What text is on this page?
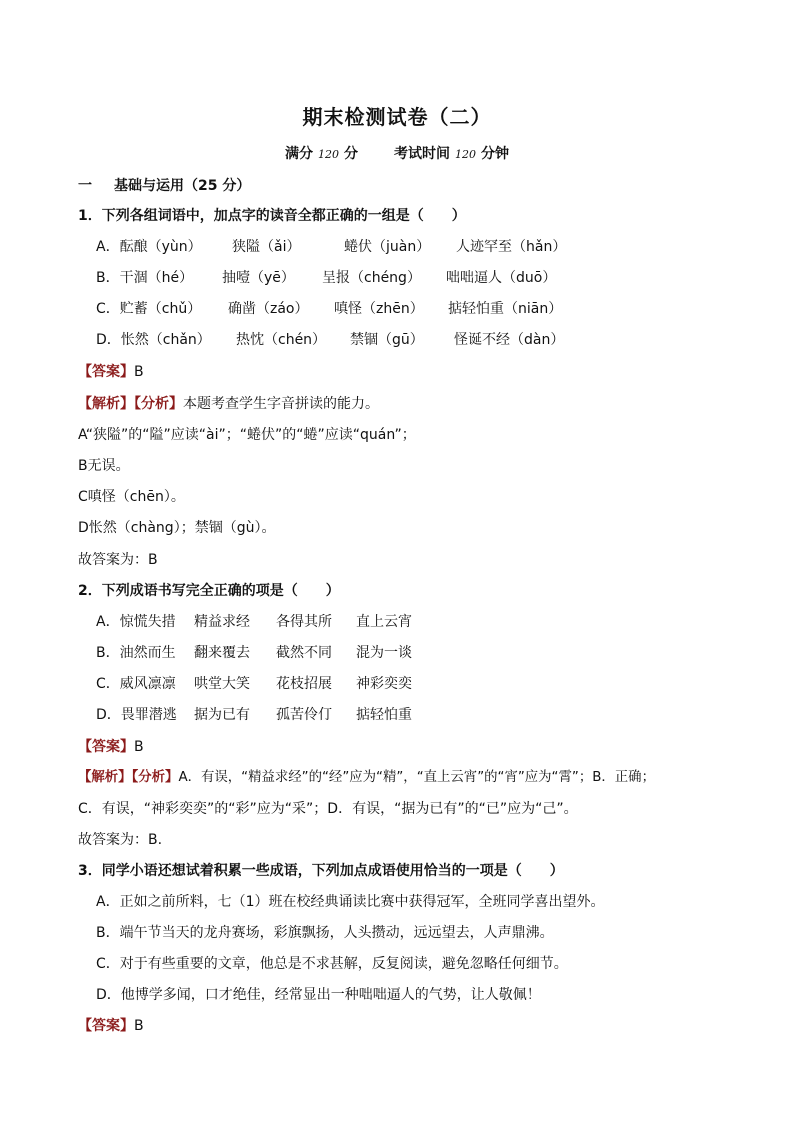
期末检测试卷（二）
满分 120 分	考试时间 120 分钟
一 基础与运用（25 分）
1．下列各组词语中，加点字的读音全都正确的一组是（　　）
A．酝酿（yùn） 狭隘（ǎi）	蜷伏（juàn） 人迹罕至（hǎn）
B．干涸（hé） 抽噎（yē） 呈报（chéng） 咄咄逼人（duō）
C．贮蓄（chǔ） 确凿（záo） 嗔怪（zhēn） 掂轻怕重（niān）
D．怅然（chǎn） 热忱（chén） 禁锢（gū） 怪诞不经（dàn）
【答案】B
【解析】【分析】本题考查学生字音拼读的能力。
A“狭隘”的“隘”应读“ài”；“蜷伏”的“蜷”应读“quán”；
B无误。
C嗔怪（chēn）。
D怅然（chàng）；禁锢（gù）。
故答案为：B
2．下列成语书写完全正确的项是（　　）
A．惊慌失措 精益求经 各得其所 直上云宵
B．油然而生 翻来覆去 截然不同 混为一谈
C．威风凛凛 哄堂大笑 花枝招展 神彩奕奕
D．畏罪潜逃 据为已有 孤苦伶仃 掂轻怕重
【答案】B
【解析】【分析】A．有误，“精益求经”的“经”应为“精”，“直上云宵”的“宵”应为“霄”；B．正确；
C．有误，“神彩奕奕”的“彩”应为“采”；D．有误，“据为已有”的“已”应为“己”。
故答案为：B.
3．同学小语还想试着积累一些成语，下列加点成语使用恰当的一项是（　　）
A．正如之前所料，七（1）班在校经典诵读比赛中获得冠军，全班同学喜出望外。
B．端午节当天的龙舟赛场，彩旗飘扬，人头攒动，远远望去，人声鼎沸。
C．对于有些重要的文章，他总是不求甚解，反复阅读，避免忽略任何细节。
D．他博学多闻，口才绝佳，经常显出一种咄咄逼人的气势，让人敬佩！
【答案】B
